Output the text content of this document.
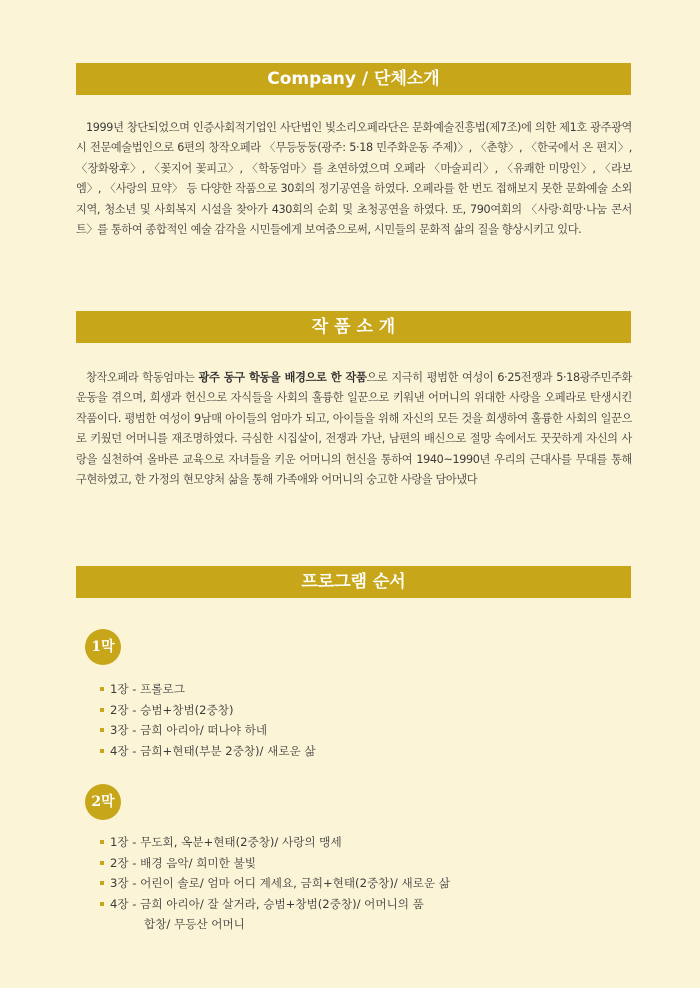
Company / 단체소개
1999년 창단되었으며 인증사회적기업인 사단법인 빛소리오페라단은 문화예술진흥법(제7조)에 의한 제1호 광주광역시 전문예술법인으로 6편의 창작오페라 〈무등둥둥(광주: 5·18 민주화운동 주제)〉, 〈춘향〉, 〈한국에서 온 편지〉, 〈장화왕후〉, 〈꽃지어 꽃피고〉, 〈학동엄마〉를 초연하였으며 오페라 〈마술피리〉, 〈유쾌한 미망인〉, 〈라보엠〉, 〈사랑의 묘약〉 등 다양한 작품으로 30회의 정기공연을 하였다. 오페라를 한 번도 접해보지 못한 문화예술 소외지역, 청소년 및 사회복지 시설을 찾아가 430회의 순회 및 초청공연을 하였다. 또, 790여회의 〈사랑·희망·나눔 콘서트〉를 통하여 종합적인 예술 감각을 시민들에게 보여줌으로써, 시민들의 문화적 삶의 질을 향상시키고 있다.
작 품 소 개
창작오페라 학동엄마는 광주 동구 학동을 배경으로 한 작품으로 지극히 평범한 여성이 6·25전쟁과 5·18광주민주화운동을 겪으며, 희생과 헌신으로 자식들을 사회의 훌륭한 일꾼으로 키워낸 어머니의 위대한 사랑을 오페라로 탄생시킨 작품이다. 평범한 여성이 9남매 아이들의 엄마가 되고, 아이들을 위해 자신의 모든 것을 희생하여 훌륭한 사회의 일꾼으로 키웠던 어머니를 재조명하였다. 극심한 시집살이, 전쟁과 가난, 남편의 배신으로 절망 속에서도 꿋꿋하게 자신의 사랑을 실천하여 올바른 교육으로 자녀들을 키운 어머니의 헌신을 통하여 1940~1990년 우리의 근대사를 무대를 통해 구현하였고, 한 가정의 현모양처 삶을 통해 가족애와 어머니의 숭고한 사랑을 담아냈다
프로그램 순서
1막
1장 - 프롤로그
2장 - 승범+창범(2중창)
3장 - 금희 아리아/ 떠나야 하네
4장 - 금희+현태(부분 2중창)/ 새로운 삶
2막
1장 - 무도회, 옥분+현태(2중창)/ 사랑의 맹세
2장 - 배경 음악/ 희미한 불빛
3장 - 어린이 솔로/ 엄마 어디 계세요, 금희+현태(2중창)/ 새로운 삶
4장 - 금희 아리아/ 잘 살거라, 승범+창범(2중창)/ 어머니의 품
합창/ 무등산 어머니
